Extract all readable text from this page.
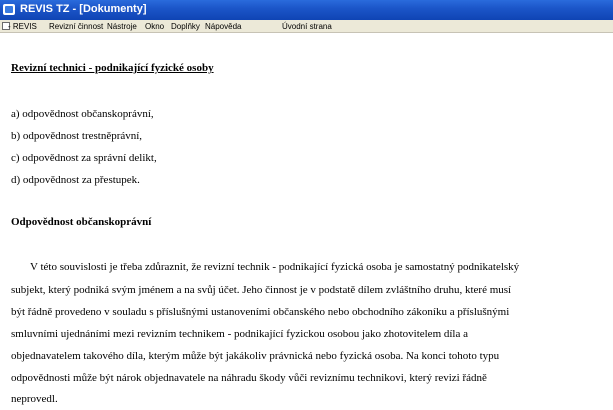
REVIS TZ - [Dokumenty]
- REVIS Revizní činnost Nástroje Okno Doplňky Nápověda	Úvodní strana
Revizní technici - podnikající fyzické osoby
a) odpovědnost občanskoprávní,
b) odpovědnost trestněprávní,
c) odpovědnost za správní delikt,
d) odpovědnost za přestupek.
Odpovědnost občanskoprávní
V této souvislosti je třeba zdůraznit, že revizní technik - podnikající fyzická osoba je samostatný podnikatelský
subjekt, který podniká svým jménem a na svůj účet. Jeho činnost je v podstatě dílem zvláštního druhu, které musí
být řádně provedeno v souladu s příslušnými ustanoveními občanského nebo obchodního zákoníku a příslušnými
smluvními ujednáními mezi revizním technikem - podnikající fyzickou osobou jako zhotovitelem díla a
objednavatelem takového díla, kterým může být jakákoliv právnická nebo fyzická osoba. Na konci tohoto typu
odpovědnosti může být nárok objednavatele na náhradu škody vůči reviznímu technikovi, který revizi řádně
neprovedl.
